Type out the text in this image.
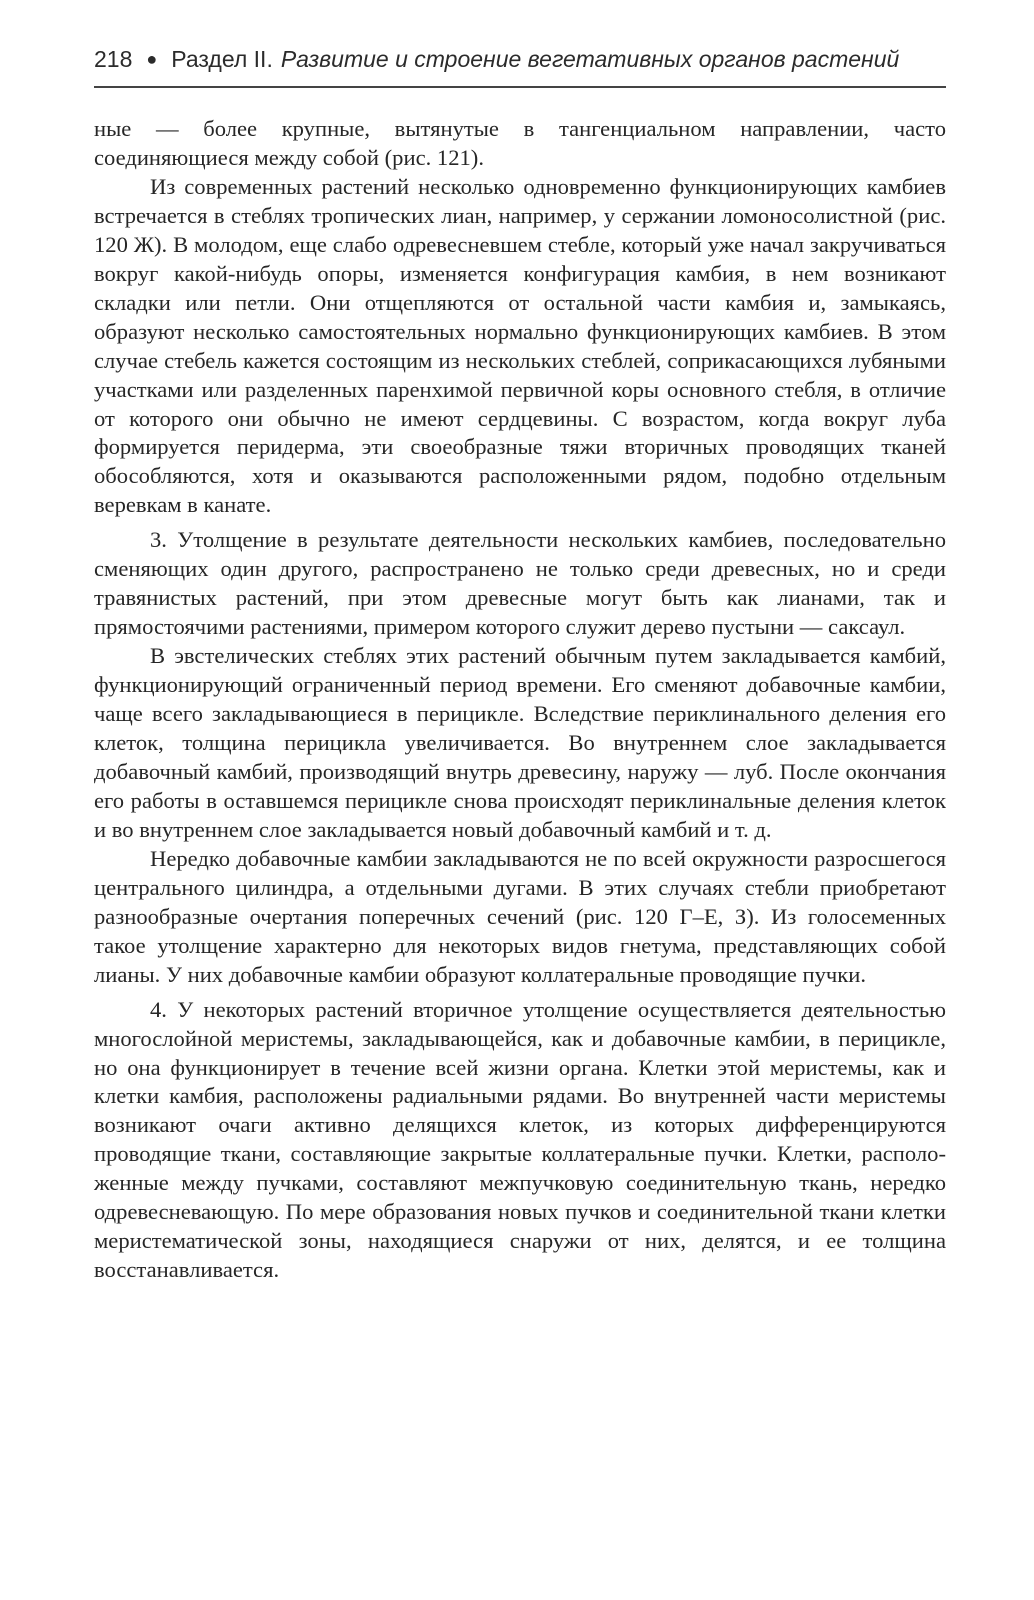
218 ● Раздел II. Развитие и строение вегетативных органов растений

ные — более крупные, вытянутые в тангенциальном направлении, часто соединяющиеся между собой (рис. 121).

Из современных растений несколько одновременно функционирующих камбиев встречается в стеблях тропических лиан, например, у сержании ломоносолистной (рис. 120 Ж). В молодом, еще слабо одревесневшем стебле, который уже начал закручиваться вокруг какой-нибудь опоры, изменяется конфигурация камбия, в нем возникают складки или петли. Они отщепляются от остальной части камбия и, замыкаясь, образуют несколько самостоятельных нормально функционирующих камбиев. В этом случае стебель кажется состоящим из нескольких стеблей, соприкасающихся лубяными участками или разделенных паренхимой первичной коры основного стебля, в отличие от которого они обычно не имеют сердцевины. С возрастом, когда вокруг луба формируется перидерма, эти своеобразные тяжи вторичных проводящих тканей обособляются, хотя и оказываются расположенными рядом, подобно отдельным веревкам в канате.

3. Утолщение в результате деятельности нескольких камбиев, последовательно сменяющих один другого, распространено не только среди древесных, но и среди травянистых растений, при этом древесные могут быть как лианами, так и прямостоячими растениями, примером которого служит дерево пустыни — саксаул.

В эвстелических стеблях этих растений обычным путем закладывается камбий, функционирующий ограниченный период времени. Его сменяют добавочные камбии, чаще всего закладывающиеся в перицикле. Вследствие периклинального деления его клеток, толщина перицикла увеличивается. Во внутреннем слое закладывается добавочный камбий, производящий внутрь древесину, наружу — луб. После окончания его работы в оставшемся перицикле снова происходят периклинальные деления клеток и во внутреннем слое закладывается новый добавочный камбий и т. д.

Нередко добавочные камбии закладываются не по всей окружности разросшегося центрального цилиндра, а отдельными дугами. В этих случаях стебли приобретают разнообразные очертания поперечных сечений (рис. 120 Г–Е, З). Из голосеменных такое утолщение характерно для некоторых видов гнетума, представляющих собой лианы. У них добавочные камбии образуют коллатеральные проводящие пучки.

4. У некоторых растений вторичное утолщение осуществляется деятельностью многослойной меристемы, закладывающейся, как и добавочные камбии, в перицикле, но она функционирует в течение всей жизни органа. Клетки этой меристемы, как и клетки камбия, расположены радиальными рядами. Во внутренней части меристемы возникают очаги активно делящихся клеток, из которых дифференцируются проводящие ткани, составляющие закрытые коллатеральные пучки. Клетки, расположенные между пучками, составляют межпучковую соединительную ткань, нередко одревесневающую. По мере образования новых пучков и соединительной ткани клетки меристематической зоны, находящиеся снаружи от них, делятся, и ее толщина восстанавливается.
